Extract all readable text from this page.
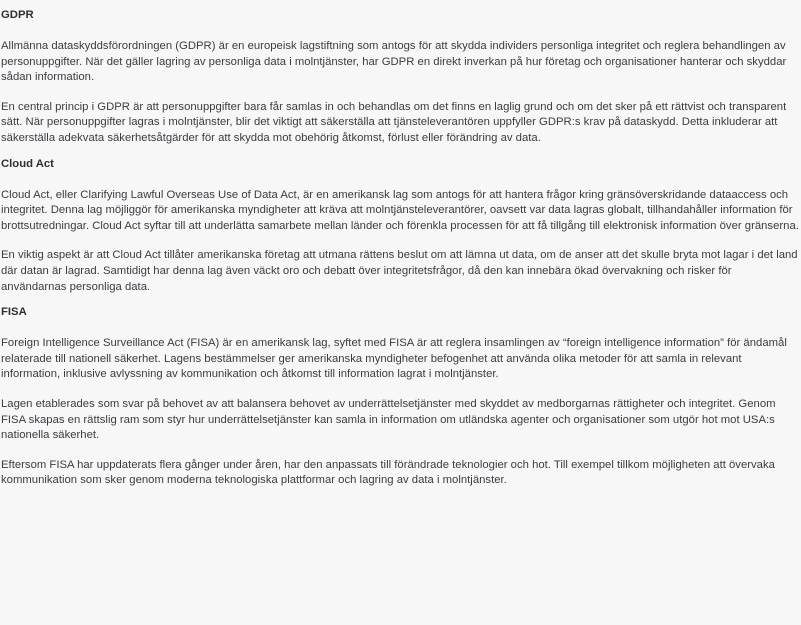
GDPR

Allmänna dataskyddsförordningen (GDPR) är en europeisk lagstiftning som antogs för att skydda individers personliga integritet och reglera behandlingen av personuppgifter. När det gäller lagring av personliga data i molntjänster, har GDPR en direkt inverkan på hur företag och organisationer hanterar och skyddar sådan information.

En central princip i GDPR är att personuppgifter bara får samlas in och behandlas om det finns en laglig grund och om det sker på ett rättvist och transparent sätt. När personuppgifter lagras i molntjänster, blir det viktigt att säkerställa att tjänsteleverantören uppfyller GDPR:s krav på dataskydd. Detta inkluderar att säkerställa adekvata säkerhetsåtgärder för att skydda mot obehörig åtkomst, förlust eller förändring av data.

Cloud Act

Cloud Act, eller Clarifying Lawful Overseas Use of Data Act, är en amerikansk lag som antogs för att hantera frågor kring gränsöverskridande dataaccess och integritet. Denna lag möjliggör för amerikanska myndigheter att kräva att molntjänsteleverantörer, oavsett var data lagras globalt, tillhandahåller information för brottsutredningar. Cloud Act syftar till att underlätta samarbete mellan länder och förenkla processen för att få tillgång till elektronisk information över gränserna.

En viktig aspekt är att Cloud Act tillåter amerikanska företag att utmana rättens beslut om att lämna ut data, om de anser att det skulle bryta mot lagar i det land där datan är lagrad. Samtidigt har denna lag även väckt oro och debatt över integritetsfrågor, då den kan innebära ökad övervakning och risker för användarnas personliga data.

FISA

Foreign Intelligence Surveillance Act (FISA) är en amerikansk lag, syftet med FISA är att reglera insamlingen av “foreign intelligence information” för ändamål relaterade till nationell säkerhet. Lagens bestämmelser ger amerikanska myndigheter befogenhet att använda olika metoder för att samla in relevant information, inklusive avlyssning av kommunikation och åtkomst till information lagrat i molntjänster.

Lagen etablerades som svar på behovet av att balansera behovet av underrättelsetjänster med skyddet av medborgarnas rättigheter och integritet. Genom FISA skapas en rättslig ram som styr hur underrättelsetjänster kan samla in information om utländska agenter och organisationer som utgör hot mot USA:s nationella säkerhet.

Eftersom FISA har uppdaterats flera gånger under åren, har den anpassats till förändrade teknologier och hot. Till exempel tillkom möjligheten att övervaka kommunikation som sker genom moderna teknologiska plattformar och lagring av data i molntjänster.
